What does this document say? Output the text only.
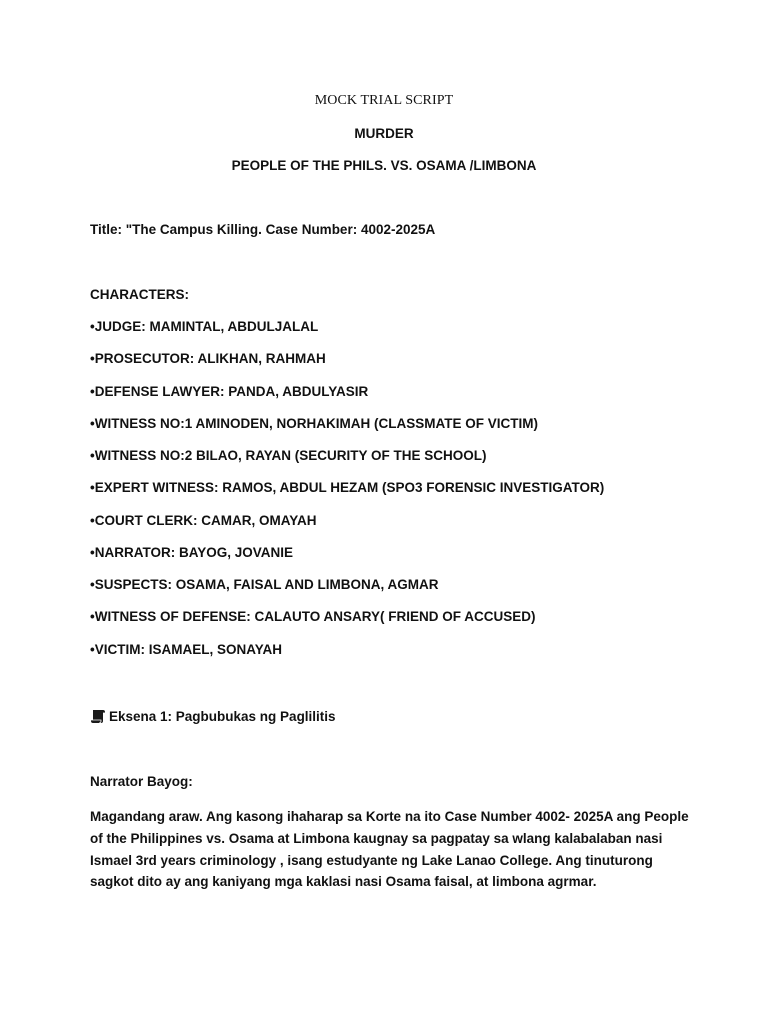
MOCK TRIAL SCRIPT
MURDER
PEOPLE OF THE PHILS. VS. OSAMA /LIMBONA
Title: "The Campus Killing. Case Number: 4002-2025A
CHARACTERS:
•JUDGE: MAMINTAL, ABDULJALAL
•PROSECUTOR: ALIKHAN, RAHMAH
•DEFENSE LAWYER: PANDA, ABDULYASIR
•WITNESS NO:1 AMINODEN, NORHAKIMAH (CLASSMATE OF VICTIM)
•WITNESS NO:2 BILAO, RAYAN (SECURITY OF THE SCHOOL)
•EXPERT WITNESS: RAMOS, ABDUL HEZAM (SPO3 FORENSIC INVESTIGATOR)
•COURT CLERK: CAMAR, OMAYAH
•NARRATOR: BAYOG, JOVANIE
•SUSPECTS: OSAMA, FAISAL AND LIMBONA, AGMAR
•WITNESS OF DEFENSE: CALAUTO ANSARY( FRIEND OF ACCUSED)
•VICTIM: ISAMAEL, SONAYAH
Eksena 1: Pagbubukas ng Paglilitis
Narrator Bayog:

Magandang araw. Ang kasong ihaharap sa Korte na ito Case Number 4002- 2025A ang People of the Philippines vs. Osama at Limbona kaugnay sa pagpatay sa wlang kalabalaban nasi Ismael 3rd years criminology , isang estudyante ng Lake Lanao College. Ang tinuturong sagkot dito ay ang kaniyang mga kaklasi nasi Osama faisal, at limbona agrmar.
